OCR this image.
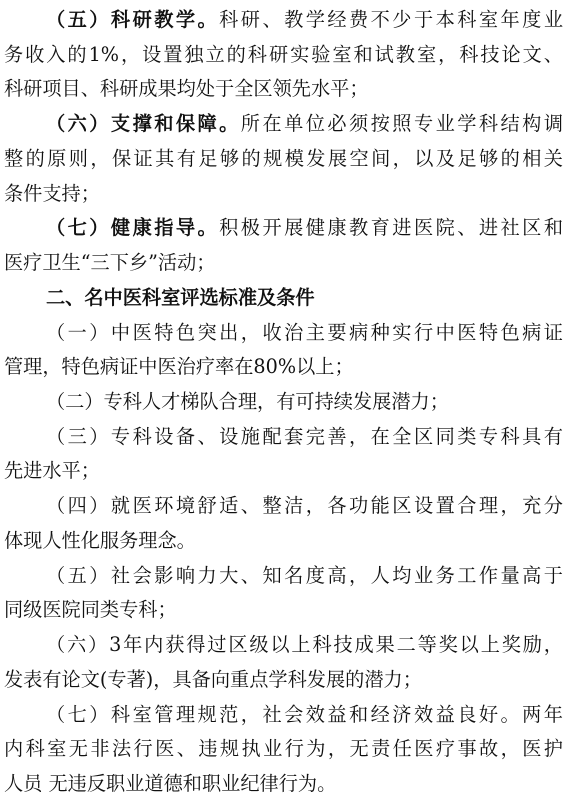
（五）科研教学。科研、教学经费不少于本科室年度业
务收入的1%，设置独立的科研实验室和试教室，科技论文、
科研项目、科研成果均处于全区领先水平；
（六）支撑和保障。所在单位必须按照专业学科结构调
整的原则，保证其有足够的规模发展空间，以及足够的相关
条件支持；
（七）健康指导。积极开展健康教育进医院、进社区和
医疗卫生“三下乡”活动；
二、名中医科室评选标准及条件
（一）中医特色突出，收治主要病种实行中医特色病证
管理，特色病证中医治疗率在80%以上；
（二）专科人才梯队合理，有可持续发展潜力；
（三）专科设备、设施配套完善，在全区同类专科具有
先进水平；
（四）就医环境舒适、整洁，各功能区设置合理，充分
体现人性化服务理念。
（五）社会影响力大、知名度高，人均业务工作量高于
同级医院同类专科；
（六）3年内获得过区级以上科技成果二等奖以上奖励，
发表有论文(专著)，具备向重点学科发展的潜力；
（七）科室管理规范，社会效益和经济效益良好。两年
内科室无非法行医、违规执业行为，无责任医疗事故，医护
人员 无违反职业道德和职业纪律行为。
